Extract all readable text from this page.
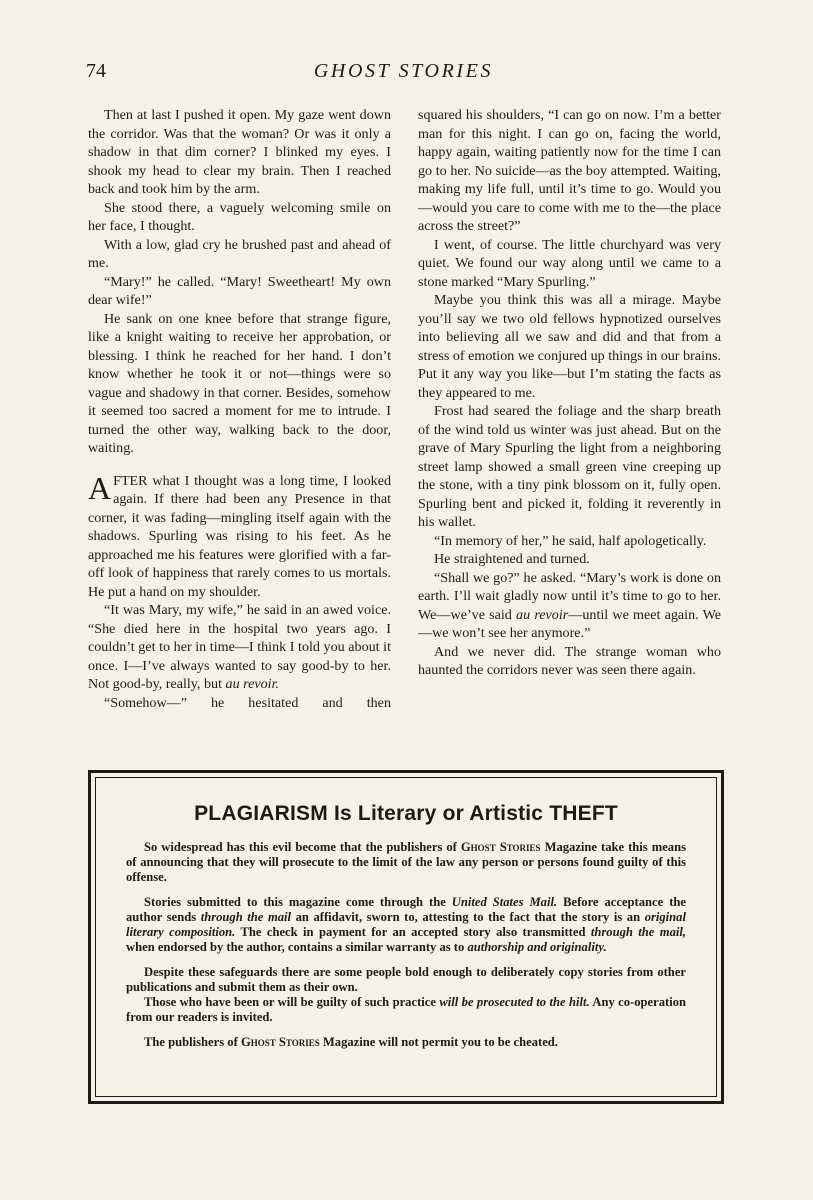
74	GHOST STORIES

Then at last I pushed it open. My gaze went down the corridor. Was that the woman? Or was it only a shadow in that dim corner? I blinked my eyes. I shook my head to clear my brain. Then I reached back and took him by the arm.

She stood there, a vaguely welcoming smile on her face, I thought.

With a low, glad cry he brushed past and ahead of me.

“Mary!” he called. “Mary! Sweetheart! My own dear wife!”

He sank on one knee before that strange figure, like a knight waiting to receive her approbation, or blessing. I think he reached for her hand. I don’t know whether he took it or not—things were so vague and shadowy in that corner. Besides, somehow it seemed too sacred a moment for me to intrude. I turned the other way, walking back to the door, waiting.

AFTER what I thought was a long time, I looked again. If there had been any Presence in that corner, it was fading—mingling itself again with the shadows. Spurling was rising to his feet. As he approached me his features were glorified with a far-off look of happiness that rarely comes to us mortals. He put a hand on my shoulder.

“It was Mary, my wife,” he said in an awed voice. “She died here in the hospital two years ago. I couldn’t get to her in time—I think I told you about it once. I—I’ve always wanted to say good-by to her. Not good-by, really, but au revoir.

“Somehow—” he hesitated and then

squared his shoulders, “I can go on now. I’m a better man for this night. I can go on, facing the world, happy again, waiting patiently now for the time I can go to her. No suicide—as the boy attempted. Waiting, making my life full, until it’s time to go. Would you—would you care to come with me to the—the place across the street?”

I went, of course. The little churchyard was very quiet. We found our way along until we came to a stone marked “Mary Spurling.”

Maybe you think this was all a mirage. Maybe you’ll say we two old fellows hypnotized ourselves into believing all we saw and did and that from a stress of emotion we conjured up things in our brains. Put it any way you like—but I’m stating the facts as they appeared to me.

Frost had seared the foliage and the sharp breath of the wind told us winter was just ahead. But on the grave of Mary Spurling the light from a neighboring street lamp showed a small green vine creeping up the stone, with a tiny pink blossom on it, fully open. Spurling bent and picked it, folding it reverently in his wallet.

“In memory of her,” he said, half apologetically.

He straightened and turned.

“Shall we go?” he asked. “Mary’s work is done on earth. I’ll wait gladly now until it’s time to go to her. We—we’ve said au revoir—until we meet again. We—we won’t see her anymore.”

And we never did. The strange woman who haunted the corridors never was seen there again.

PLAGIARISM Is Literary or Artistic THEFT

So widespread has this evil become that the publishers of Ghost Stories Magazine take this means of announcing that they will prosecute to the limit of the law any person or persons found guilty of this offense.

Stories submitted to this magazine come through the United States Mail. Before acceptance the author sends through the mail an affidavit, sworn to, attesting to the fact that the story is an original literary composition. The check in payment for an accepted story also transmitted through the mail, when endorsed by the author, contains a similar warranty as to authorship and originality.

Despite these safeguards there are some people bold enough to deliberately copy stories from other publications and submit them as their own.

Those who have been or will be guilty of such practice will be prosecuted to the hilt. Any co-operation from our readers is invited.

The publishers of Ghost Stories Magazine will not permit you to be cheated.
